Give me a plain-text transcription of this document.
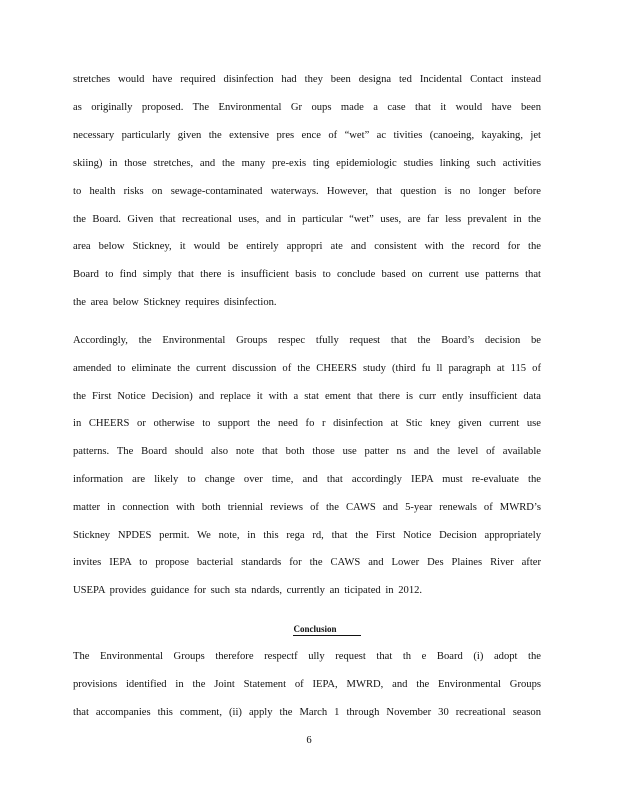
stretches would have required disinfection had they been designa ted Incidental Contact instead
as originally proposed. The Environmental Gr oups made a case that it would have been
necessary particularly given the extensive pres ence of “wet” ac tivities (canoeing, kayaking, jet
skiing) in those stretches, and the many pre-exis ting epidemiologic studies linking such activities
to health risks on sewage-contaminated waterways. However, that question is no longer before
the Board. Given that recreational uses, and in particular “wet” uses, are far less prevalent in the
area below Stickney, it would be entirely appropri ate and consistent with the record for the
Board to find simply that there is insufficient basis to conclude based on current use patterns that
the area below Stickney requires disinfection.
Accordingly, the Environmental Groups respec tfully request that the Board’s decision be
amended to eliminate the current discussion of the CHEERS study (third fu ll paragraph at 115 of
the First Notice Decision) and replace it with a stat ement that there is curr ently insufficient data
in CHEERS or otherwise to support the need fo r disinfection at Stic kney given current use
patterns. The Board should also note that both those use patter ns and the level of available
information are likely to change over time, and that accordingly IEPA must re-evaluate the
matter in connection with both triennial reviews of the CAWS and 5-year renewals of MWRD’s
Stickney NPDES permit. We note, in this rega rd, that the First Notice Decision appropriately
invites IEPA to propose bacterial standards for the CAWS and Lower Des Plaines River after
USEPA provides guidance for such sta ndards, currently an ticipated in 2012.
Conclusion
The Environmental Groups therefore respectf ully request that th e Board (i) adopt the
provisions identified in the Joint Statement of IEPA, MWRD, and the Environmental Groups
that accompanies this comment, (ii) apply the March 1 through November 30 recreational season
6
